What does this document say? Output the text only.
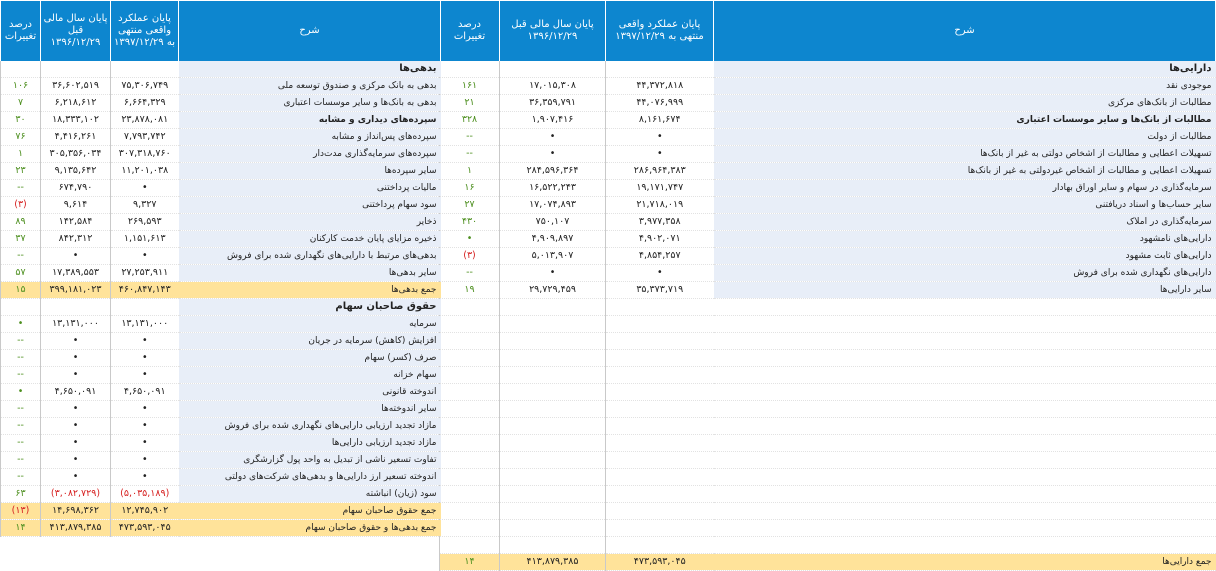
شرح	پایان عملکرد واقعی منتهی به ۱۳۹۷/۱۲/۲۹	پایان سال مالی قبل ۱۳۹۶/۱۲/۲۹	درصد تغییرات
دارایی‌ها			
موجودی نقد	۴۴,۳۷۲,۸۱۸	۱۷,۰۱۵,۳۰۸	۱۶۱
مطالبات از بانک‌های مرکزی	۴۴,۰۷۶,۹۹۹	۳۶,۳۵۹,۷۹۱	۲۱
مطالبات از بانک‌ها و سایر موسسات اعتباری	۸,۱۶۱,۶۷۴	۱,۹۰۷,۴۱۶	۳۲۸
مطالبات از دولت	•	•	--
تسهیلات اعطایی و مطالبات از اشخاص دولتی به غیر از بانک‌ها	•	•	--
تسهیلات اعطایی و مطالبات از اشخاص غیردولتی به غیر از بانک‌ها	۲۸۶,۹۶۴,۳۸۳	۲۸۴,۵۹۶,۳۶۴	۱
سرمایه‌گذاری در سهام و سایر اوراق بهادار	۱۹,۱۷۱,۷۴۷	۱۶,۵۲۲,۲۴۳	۱۶
سایر حساب‌ها و اسناد دریافتنی	۲۱,۷۱۸,۰۱۹	۱۷,۰۷۴,۸۹۳	۲۷
سرمایه‌گذاری در املاک	۳,۹۷۷,۳۵۸	۷۵۰,۱۰۷	۴۳۰
دارایی‌های نامشهود	۴,۹۰۲,۰۷۱	۴,۹۰۹,۸۹۷	•
دارایی‌های ثابت مشهود	۴,۸۵۴,۲۵۷	۵,۰۱۳,۹۰۷	(۳)
دارایی‌های نگهداری شده برای فروش	•	•	--
سایر دارایی‌ها	۳۵,۳۷۳,۷۱۹	۲۹,۷۲۹,۴۵۹	۱۹

جمع دارایی‌ها	۴۷۳,۵۹۳,۰۴۵	۴۱۳,۸۷۹,۳۸۵	۱۴
شرح	پایان عملکرد واقعی منتهی به ۱۳۹۷/۱۲/۲۹	پایان سال مالی قبل ۱۳۹۶/۱۲/۲۹	درصد تغییرات
بدهی‌ها			
بدهی به بانک مرکزی و صندوق توسعه ملی	۷۵,۳۰۶,۷۴۹	۳۶,۶۰۲,۵۱۹	۱۰۶
بدهی به بانک‌ها و سایر موسسات اعتباری	۶,۶۶۴,۳۲۹	۶,۲۱۸,۶۱۲	۷
سپرده‌های دیداری و مشابه	۲۳,۸۷۸,۰۸۱	۱۸,۳۳۳,۱۰۲	۳۰
سپرده‌های پس‌انداز و مشابه	۷,۷۹۳,۷۴۲	۴,۴۱۶,۲۶۱	۷۶
سپرده‌های سرمایه‌گذاری مدت‌دار	۳۰۷,۳۱۸,۷۶۰	۳۰۵,۳۵۶,۰۳۴	۱
سایر سپرده‌ها	۱۱,۲۰۱,۰۳۸	۹,۱۳۵,۶۴۲	۲۳
مالیات پرداختنی	•	۶۷۴,۷۹۰	--
سود سهام پرداختنی	۹,۳۲۷	۹,۶۱۴	(۳)
ذخایر	۲۶۹,۵۹۳	۱۴۲,۵۸۴	۸۹
ذخیره مزایای پایان خدمت کارکنان	۱,۱۵۱,۶۱۳	۸۴۲,۳۱۲	۳۷
بدهی‌های مرتبط با دارایی‌های نگهداری شده برای فروش	•	•	--
سایر بدهی‌ها	۲۷,۲۵۳,۹۱۱	۱۷,۳۸۹,۵۵۳	۵۷
جمع بدهی‌ها	۴۶۰,۸۴۷,۱۴۳	۳۹۹,۱۸۱,۰۲۳	۱۵
حقوق صاحبان سهام			
سرمایه	۱۳,۱۳۱,۰۰۰	۱۳,۱۳۱,۰۰۰	•
افزایش (کاهش) سرمایه در جریان	•	•	--
صرف (کسر) سهام	•	•	--
سهام خزانه	•	•	--
اندوخته قانونی	۴,۶۵۰,۰۹۱	۴,۶۵۰,۰۹۱	•
سایر اندوخته‌ها	•	•	--
مازاد تجدید ارزیابی دارایی‌های نگهداری شده برای فروش	•	•	--
مازاد تجدید ارزیابی دارایی‌ها	•	•	--
تفاوت تسعیر ناشی از تبدیل به واحد پول گزارشگری	•	•	--
اندوخته تسعیر ارز دارایی‌ها و بدهی‌های شرکت‌های دولتی	•	•	--
سود (زیان) انباشته	(۵,۰۳۵,۱۸۹)	(۳,۰۸۲,۷۲۹)	۶۳
جمع حقوق صاحبان سهام	۱۲,۷۴۵,۹۰۲	۱۴,۶۹۸,۳۶۲	(۱۳)
جمع بدهی‌ها و حقوق صاحبان سهام	۴۷۳,۵۹۳,۰۴۵	۴۱۳,۸۷۹,۳۸۵	۱۴
